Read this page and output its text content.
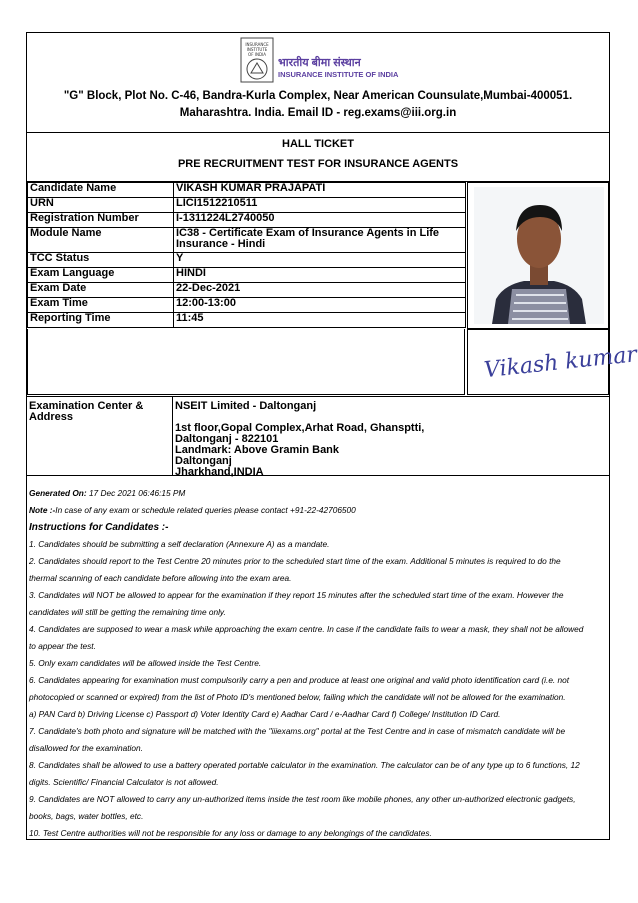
INSURANCE
INSTITUTE
OF INDIA
भारतीय बीमा संस्थान
INSURANCE INSTITUTE OF INDIA
"G" Block, Plot No. C-46, Bandra-Kurla Complex, Near American Counsulate,Mumbai-400051.
Maharashtra. India. Email ID - reg.exams@iii.org.in
HALL TICKET
PRE RECRUITMENT TEST FOR INSURANCE AGENTS
Candidate Name	VIKASH KUMAR PRAJAPATI
URN	LICI1512210511
Registration Number	I-1311224L2740050
Module Name	IC38 - Certificate Exam of Insurance Agents in Life Insurance - Hindi
TCC Status	Y
Exam Language	HINDI
Exam Date	22-Dec-2021
Exam Time	12:00-13:00
Reporting Time	11:45
Vikash kumar
Examination Center & Address
NSEIT Limited - Daltonganj
1st floor,Gopal Complex,Arhat Road, Ghansptti,
Daltonganj - 822101
Landmark: Above Gramin Bank
Daltonganj
Jharkhand,INDIA
Generated On: 17 Dec 2021 06:46:15 PM
Note :-In case of any exam or schedule related queries please contact +91-22-42706500
Instructions for Candidates :-
1. Candidates should be submitting a self declaration (Annexure A) as a mandate.
2. Candidates should report to the Test Centre 20 minutes prior to the scheduled start time of the exam. Additional 5 minutes is required to do the
thermal scanning of each candidate before allowing into the exam area.
3. Candidates will NOT be allowed to appear for the examination if they report 15 minutes after the scheduled start time of the exam. However the
candidates will still be getting the remaining time only.
4. Candidates are supposed to wear a mask while approaching the exam centre. In case if the candidate fails to wear a mask, they shall not be allowed
to appear the test.
5. Only exam candidates will be allowed inside the Test Centre.
6. Candidates appearing for examination must compulsorily carry a pen and produce at least one original and valid photo identification card (i.e. not
photocopied or scanned or expired) from the list of Photo ID's mentioned below, failing which the candidate will not be allowed for the examination.
a) PAN Card b) Driving License c) Passport d) Voter Identity Card e) Aadhar Card / e-Aadhar Card f) College/ Institution ID Card.
7. Candidate's both photo and signature will be matched with the "iiiexams.org" portal at the Test Centre and in case of mismatch candidate will be
disallowed for the examination.
8. Candidates shall be allowed to use a battery operated portable calculator in the examination. The calculator can be of any type up to 6 functions, 12
digits. Scientific/ Financial Calculator is not allowed.
9. Candidates are NOT allowed to carry any un-authorized items inside the test room like mobile phones, any other un-authorized electronic gadgets,
books, bags, water bottles, etc.
10. Test Centre authorities will not be responsible for any loss or damage to any belongings of the candidates.
